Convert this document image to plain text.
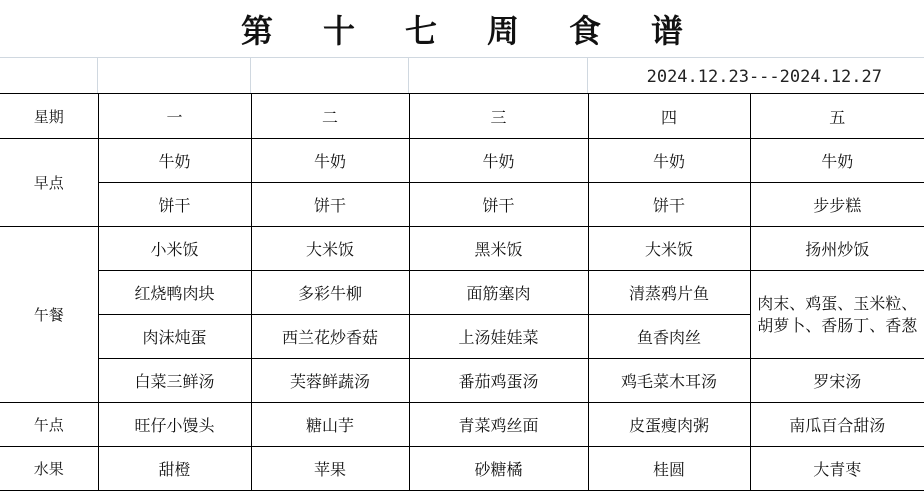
第十七周食谱
2024.12.23---2024.12.27
星期	一	二	三	四	五
早点	牛奶	牛奶	牛奶	牛奶	牛奶
	饼干	饼干	饼干	饼干	步步糕
午餐	小米饭	大米饭	黑米饭	大米饭	扬州炒饭
	红烧鸭肉块	多彩牛柳	面筋塞肉	清蒸鸦片鱼	肉末、鸡蛋、玉米粒、胡萝卜、香肠丁、香葱

	肉沫炖蛋	西兰花炒香菇	上汤娃娃菜	鱼香肉丝	
	白菜三鲜汤	芙蓉鲜蔬汤	番茄鸡蛋汤	鸡毛菜木耳汤	罗宋汤
午点	旺仔小馒头	糖山芋	青菜鸡丝面	皮蛋瘦肉粥	南瓜百合甜汤
水果	甜橙	苹果	砂糖橘	桂圆	大青枣
